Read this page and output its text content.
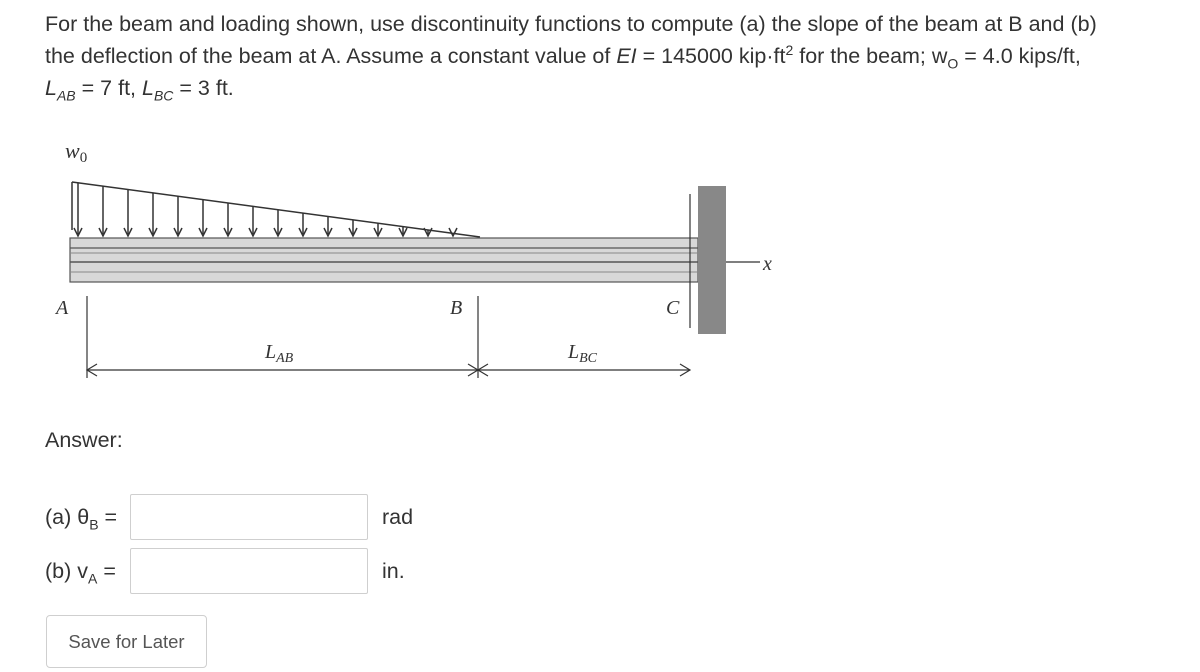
For the beam and loading shown, use discontinuity functions to compute (a) the slope of the beam at B and (b)
the deflection of the beam at A. Assume a constant value of EI = 145000 $kip\cdot ft^2$ for the beam; $w_O = 4.0$ kips/ft,
$L_{AB} = 7$ ft, $L_{BC} = 3$ ft.
w0
x
A	B	C
$L_{AB}$	$L_{BC}$
Answer:
(a) $\theta_B$ =	rad
(b) $v_A$ =	in.
Save for Later
